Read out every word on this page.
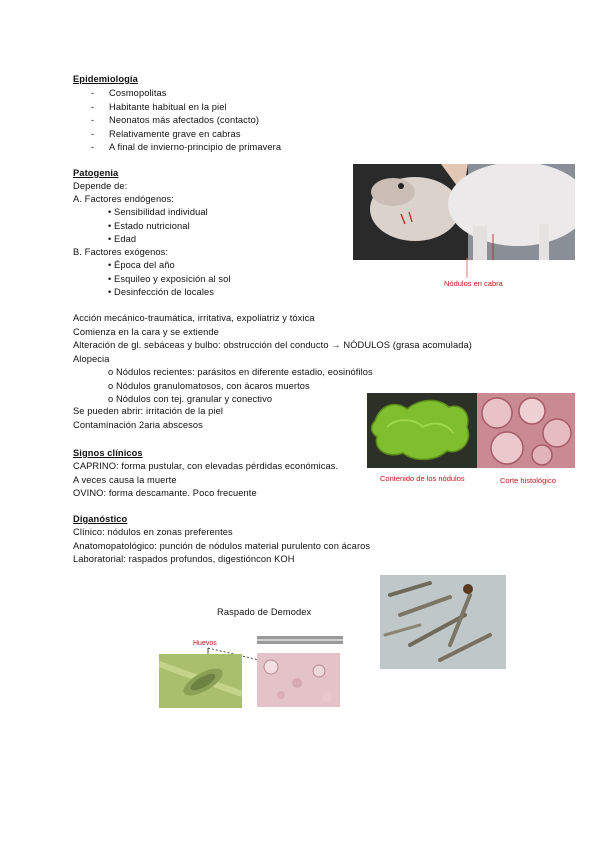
Epidemiología
- Cosmopolitas
- Habitante habitual en la piel
- Neonatos más afectados (contacto)
- Relativamente grave en cabras
- A final de invierno-principio de primavera
Patogenia
Depende de:
A. Factores endógenos:
• Sensibilidad individual
• Estado nutricional
• Edad
B. Factores exógenos:
• Época del año
• Esquileo y exposición al sol
• Desinfección de locales
Acción mecánico-traumática, irritativa, expoliatriz y tóxica
Comienza en la cara y se extiende
Alteración de gl. sebáceas y bulbo: obstrucción del conducto → NÓDULOS (grasa acomulada)
Alopecia
o Nódulos recientes: parásitos en diferente estadio, eosinófilos
o Nódulos granulomatosos, con ácaros muertos
o Nódulos con tej. granular y conectivo
Se pueden abrir: irritación de la piel
Contaminación 2aria abscesos
Signos clínicos
CAPRINO: forma pustular, con elevadas pérdidas económicas.
A veces causa la muerte
OVINO: forma descamante. Poco frecuente
Diganóstico
Clínico: nódulos en zonas preferentes
Anatomopatológico: punción de nódulos material purulento con ácaros
Laboratorial: raspados profundos, digestióncon KOH
Nódulos en cabra
Contenido de los nódulos	Corte histológico
Raspado de Demodex
Huevos
